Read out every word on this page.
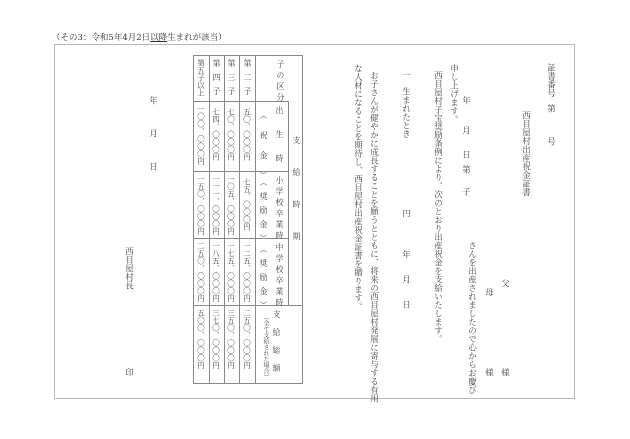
（その3：令和5年4月2日以降生まれが該当）
証書番号
第
号
西目屋村出産祝金証書
父
様
母
様
さんを出産されましたので心からお慶び
年
月
日
第
子
申し上げます。
西目屋村子宝奨励条例により、次のとおり出産祝金を支給いたします。
一
生まれたとき
円
年
月
日
お子さんが健やかに成長することを願うとともに、将来の西目屋村発展に寄与する有用
な人材になることを期待し、西目屋村出産祝金証書を贈ります。
第五子以上 第四子 第三子 第二子	子の区分
支給時期
一〇〇、〇〇〇円 七四、〇〇〇円 七〇、〇〇〇円 五〇、〇〇〇円 （祝金） 出生時
一五〇、〇〇〇円 一一一、〇〇〇円 一〇五、〇〇〇円 七五、〇〇〇円 （奨励金） 小学校卒業時
二五〇、〇〇〇円 一八五、〇〇〇円 一七五、〇〇〇円 一二五、〇〇〇円 （奨励金） 中学校卒業時
五〇〇、〇〇〇円 三七〇、〇〇〇円 三五〇、〇〇〇円 二五〇、〇〇〇円 （全て支給された場合） 支給総額
年
月
日
西目屋村長
印
